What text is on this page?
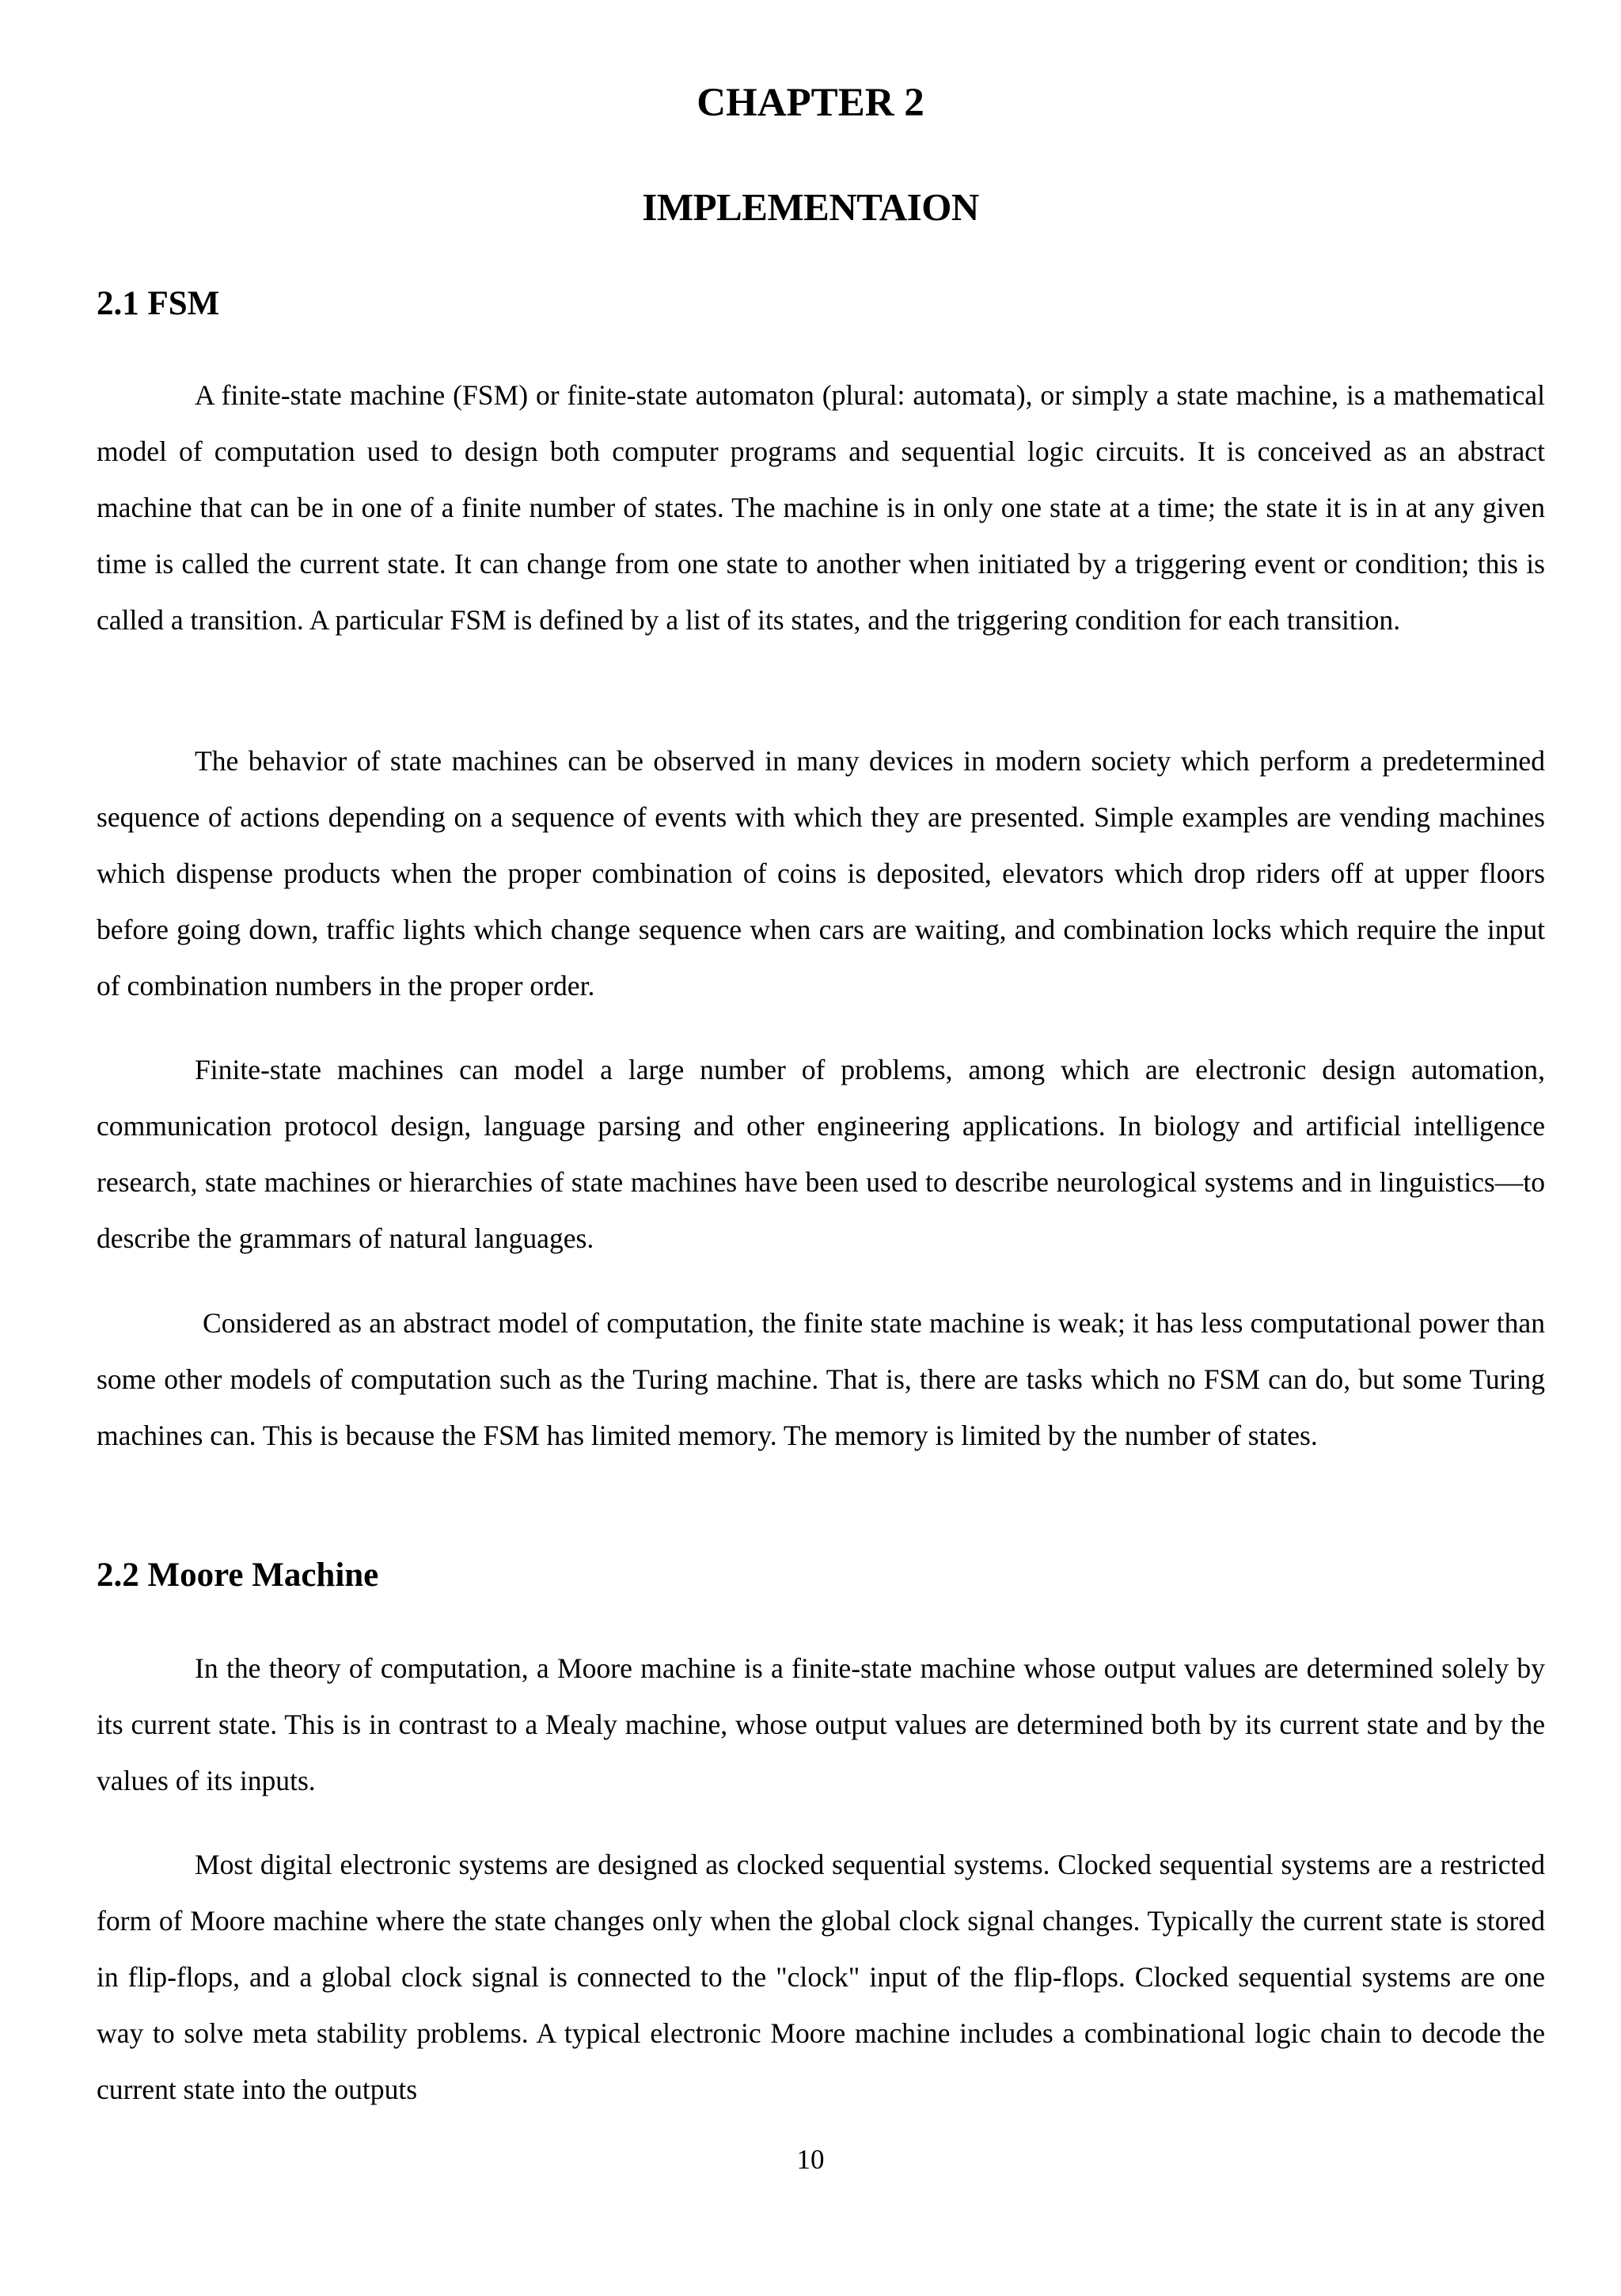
CHAPTER 2
IMPLEMENTAION
2.1 FSM

A finite-state machine (FSM) or finite-state automaton (plural: automata), or simply a state machine, is a mathematical model of computation used to design both computer programs and sequential logic circuits. It is conceived as an abstract machine that can be in one of a finite number of states. The machine is in only one state at a time; the state it is in at any given time is called the current state. It can change from one state to another when initiated by a triggering event or condition; this is called a transition. A particular FSM is defined by a list of its states, and the triggering condition for each transition.

The behavior of state machines can be observed in many devices in modern society which perform a predetermined sequence of actions depending on a sequence of events with which they are presented. Simple examples are vending machines which dispense products when the proper combination of coins is deposited, elevators which drop riders off at upper floors before going down, traffic lights which change sequence when cars are waiting, and combination locks which require the input of combination numbers in the proper order.

Finite-state machines can model a large number of problems, among which are electronic design automation, communication protocol design, language parsing and other engineering applications. In biology and artificial intelligence research, state machines or hierarchies of state machines have been used to describe neurological systems and in linguistics—to describe the grammars of natural languages.

Considered as an abstract model of computation, the finite state machine is weak; it has less computational power than some other models of computation such as the Turing machine. That is, there are tasks which no FSM can do, but some Turing machines can. This is because the FSM has limited memory. The memory is limited by the number of states.

2.2 Moore Machine

In the theory of computation, a Moore machine is a finite-state machine whose output values are determined solely by its current state. This is in contrast to a Mealy machine, whose output values are determined both by its current state and by the values of its inputs.

Most digital electronic systems are designed as clocked sequential systems. Clocked sequential systems are a restricted form of Moore machine where the state changes only when the global clock signal changes. Typically the current state is stored in flip-flops, and a global clock signal is connected to the "clock" input of the flip-flops. Clocked sequential systems are one way to solve meta stability problems. A typical electronic Moore machine includes a combinational logic chain to decode the current state into the outputs

10
